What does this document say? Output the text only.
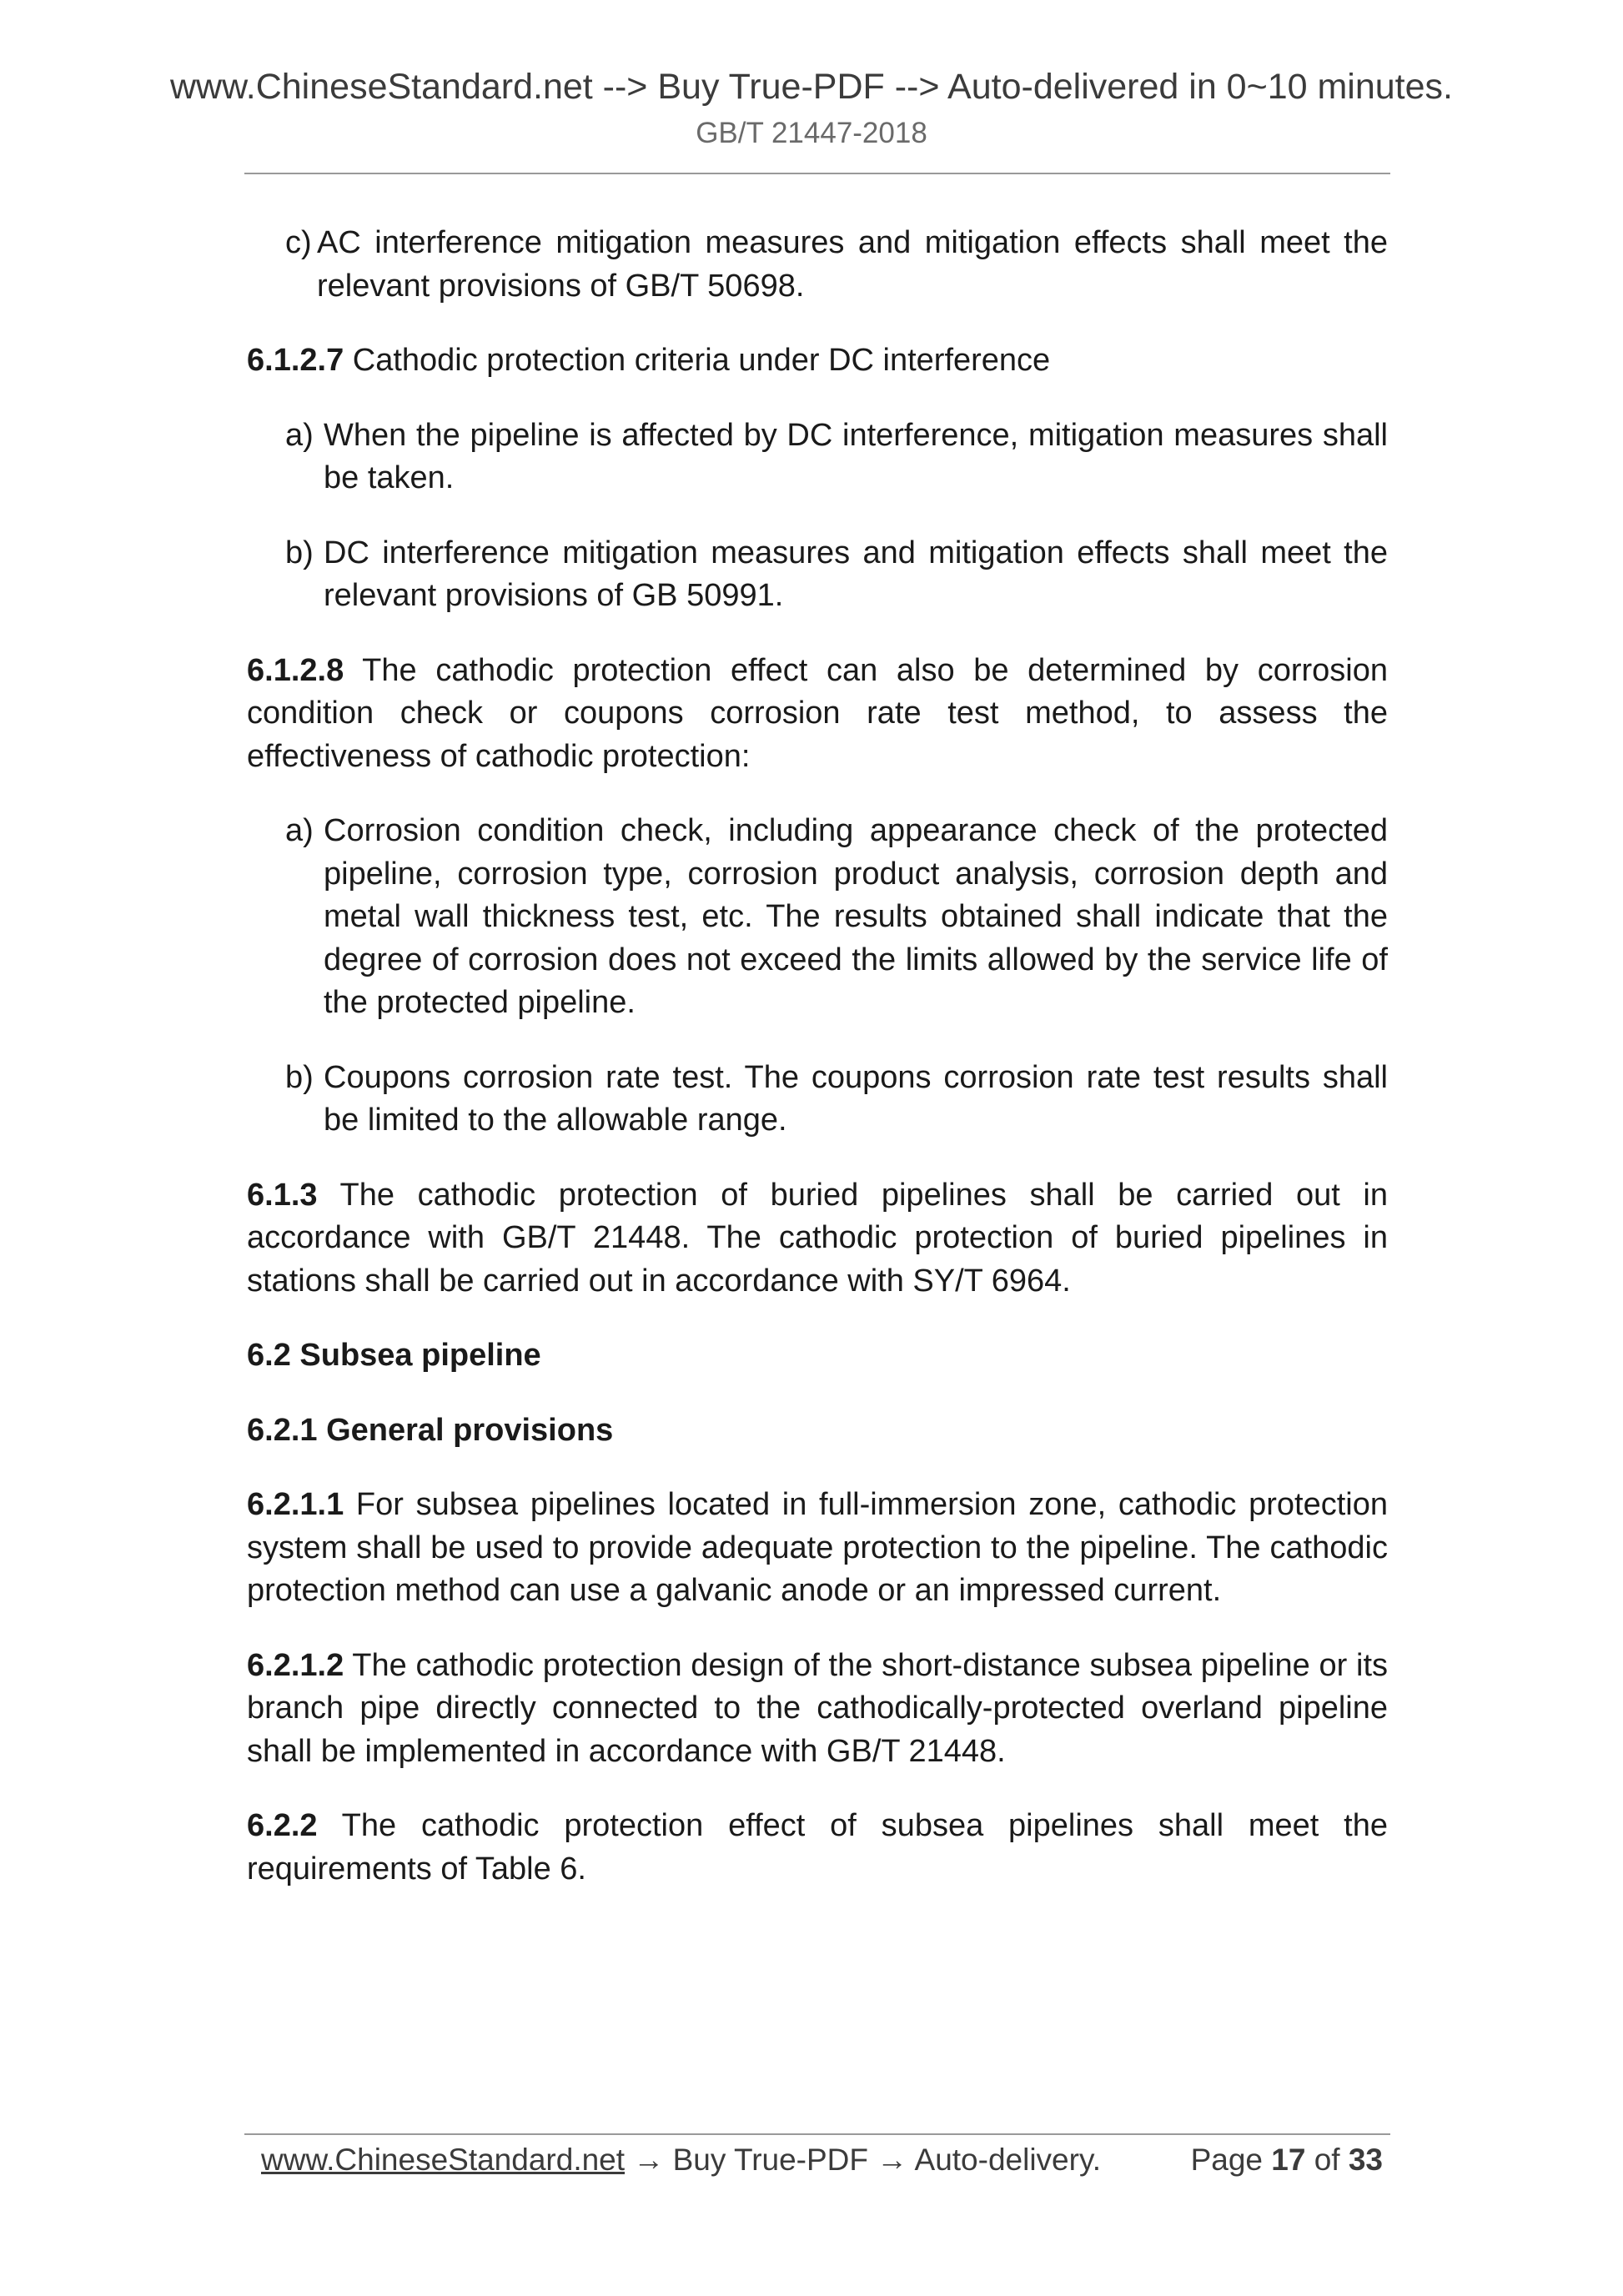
www.ChineseStandard.net --> Buy True-PDF --> Auto-delivered in 0~10 minutes.
GB/T 21447-2018
c) AC interference mitigation measures and mitigation effects shall meet the relevant provisions of GB/T 50698.

6.1.2.7 Cathodic protection criteria under DC interference

a) When the pipeline is affected by DC interference, mitigation measures shall be taken.
b) DC interference mitigation measures and mitigation effects shall meet the relevant provisions of GB 50991.

6.1.2.8 The cathodic protection effect can also be determined by corrosion condition check or coupons corrosion rate test method, to assess the effectiveness of cathodic protection:

a) Corrosion condition check, including appearance check of the protected pipeline, corrosion type, corrosion product analysis, corrosion depth and metal wall thickness test, etc. The results obtained shall indicate that the degree of corrosion does not exceed the limits allowed by the service life of the protected pipeline.
b) Coupons corrosion rate test. The coupons corrosion rate test results shall be limited to the allowable range.

6.1.3 The cathodic protection of buried pipelines shall be carried out in accordance with GB/T 21448. The cathodic protection of buried pipelines in stations shall be carried out in accordance with SY/T 6964.

6.2 Subsea pipeline

6.2.1 General provisions

6.2.1.1 For subsea pipelines located in full-immersion zone, cathodic protection system shall be used to provide adequate protection to the pipeline. The cathodic protection method can use a galvanic anode or an impressed current.

6.2.1.2 The cathodic protection design of the short-distance subsea pipeline or its branch pipe directly connected to the cathodically-protected overland pipeline shall be implemented in accordance with GB/T 21448.

6.2.2 The cathodic protection effect of subsea pipelines shall meet the requirements of Table 6.

www.ChineseStandard.net → Buy True-PDF → Auto-delivery.	Page 17 of 33
